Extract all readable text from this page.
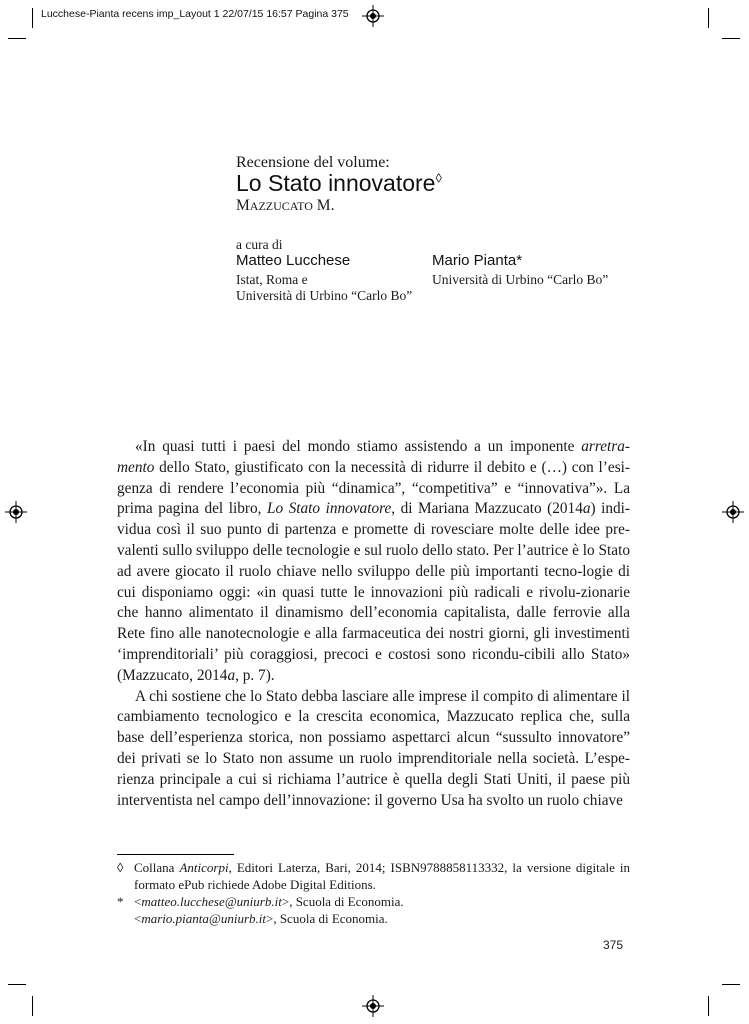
Lucchese-Pianta recens imp_Layout 1 22/07/15 16:57 Pagina 375
Recensione del volume:
Lo Stato innovatore◊
MAZZUCATO M.
a cura di
Matteo Lucchese
Istat, Roma e
Università di Urbino “Carlo Bo”
Mario Pianta*
Università di Urbino “Carlo Bo”

«In quasi tutti i paesi del mondo stiamo assistendo a un imponente arretra-mento dello Stato, giustificato con la necessità di ridurre il debito e (…) con l’esi-genza di rendere l’economia più “dinamica”, “competitiva” e “innovativa”». La prima pagina del libro, Lo Stato innovatore, di Mariana Mazzucato (2014a) indi-vidua così il suo punto di partenza e promette di rovesciare molte delle idee pre-valenti sullo sviluppo delle tecnologie e sul ruolo dello stato. Per l’autrice è lo Stato ad avere giocato il ruolo chiave nello sviluppo delle più importanti tecno-logie di cui disponiamo oggi: «in quasi tutte le innovazioni più radicali e rivolu-zionarie che hanno alimentato il dinamismo dell’economia capitalista, dalle ferrovie alla Rete fino alle nanotecnologie e alla farmaceutica dei nostri giorni, gli investimenti ‘imprenditoriali’ più coraggiosi, precoci e costosi sono ricondu-cibili allo Stato» (Mazzucato, 2014a, p. 7).

A chi sostiene che lo Stato debba lasciare alle imprese il compito di alimentare il cambiamento tecnologico e la crescita economica, Mazzucato replica che, sulla base dell’esperienza storica, non possiamo aspettarci alcun “sussulto innovatore” dei privati se lo Stato non assume un ruolo imprenditoriale nella società. L’espe-rienza principale a cui si richiama l’autrice è quella degli Stati Uniti, il paese più interventista nel campo dell’innovazione: il governo Usa ha svolto un ruolo chiave

◊ Collana Anticorpi, Editori Laterza, Bari, 2014; ISBN9788858113332, la versione digitale in formato ePub richiede Adobe Digital Editions.
* <matteo.lucchese@uniurb.it>, Scuola di Economia.
<mario.pianta@uniurb.it>, Scuola di Economia.
375
